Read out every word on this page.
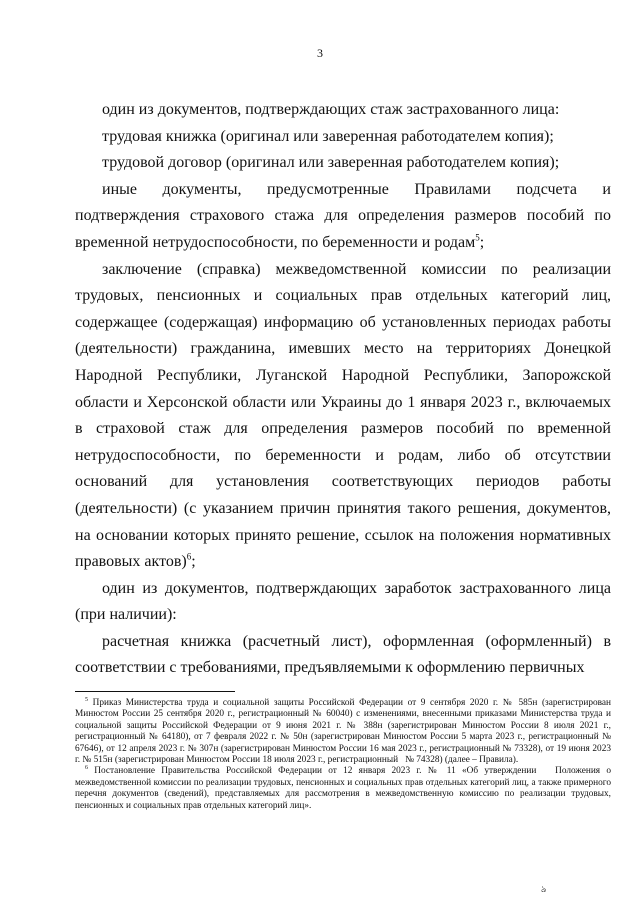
3

один из документов, подтверждающих стаж застрахованного лица:

трудовая книжка (оригинал или заверенная работодателем копия);

трудовой договор (оригинал или заверенная работодателем копия);

иные документы, предусмотренные Правилами подсчета и подтверждения страхового стажа для определения размеров пособий по временной нетрудоспособности, по беременности и родам$^5$;

заключение (справка) межведомственной комиссии по реализации трудовых, пенсионных и социальных прав отдельных категорий лиц, содержащее (содержащая) информацию об установленных периодах работы (деятельности) гражданина, имевших место на территориях Донецкой Народной Республики, Луганской Народной Республики, Запорожской области и Херсонской области или Украины до 1 января 2023 г., включаемых в страховой стаж для определения размеров пособий по временной нетрудоспособности, по беременности и родам, либо об отсутствии оснований для установления соответствующих периодов работы (деятельности) (с указанием причин принятия такого решения, документов, на основании которых принято решение, ссылок на положения нормативных правовых актов)$^6$;

один из документов, подтверждающих заработок застрахованного лица   (при наличии):

расчетная книжка (расчетный лист), оформленная (оформленный) в соответствии с требованиями, предъявляемыми к оформлению первичных

$^5$ Приказ Министерства труда и социальной защиты Российской Федерации от 9 сентября 2020 г. № 585н (зарегистрирован Минюстом России 25 сентября 2020 г., регистрационный № 60040) с изменениями, внесенными приказами Министерства труда и социальной защиты Российской Федерации от 9 июня 2021 г. № 388н (зарегистрирован Минюстом России 8 июля 2021 г., регистрационный № 64180), от 7 февраля 2022 г. № 50н (зарегистрирован Минюстом России 5 марта 2023 г., регистрационный № 67646), от 12 апреля 2023 г. № 307н (зарегистрирован Минюстом России 16 мая 2023 г., регистрационный № 73328), от 19 июня 2023 г. № 515н (зарегистрирован Минюстом России 18 июля 2023 г., регистрационный   № 74328) (далее – Правила).

$^6$ Постановление Правительства Российской Федерации от 12 января 2023 г. № 11 «Об утверждении   Положения о межведомственной комиссии по реализации трудовых, пенсионных и социальных прав отдельных категорий лиц, а также примерного перечня документов (сведений), представляемых для рассмотрения в межведомственную комиссию по реализации трудовых, пенсионных и социальных прав отдельных категорий лиц».

ঌ
